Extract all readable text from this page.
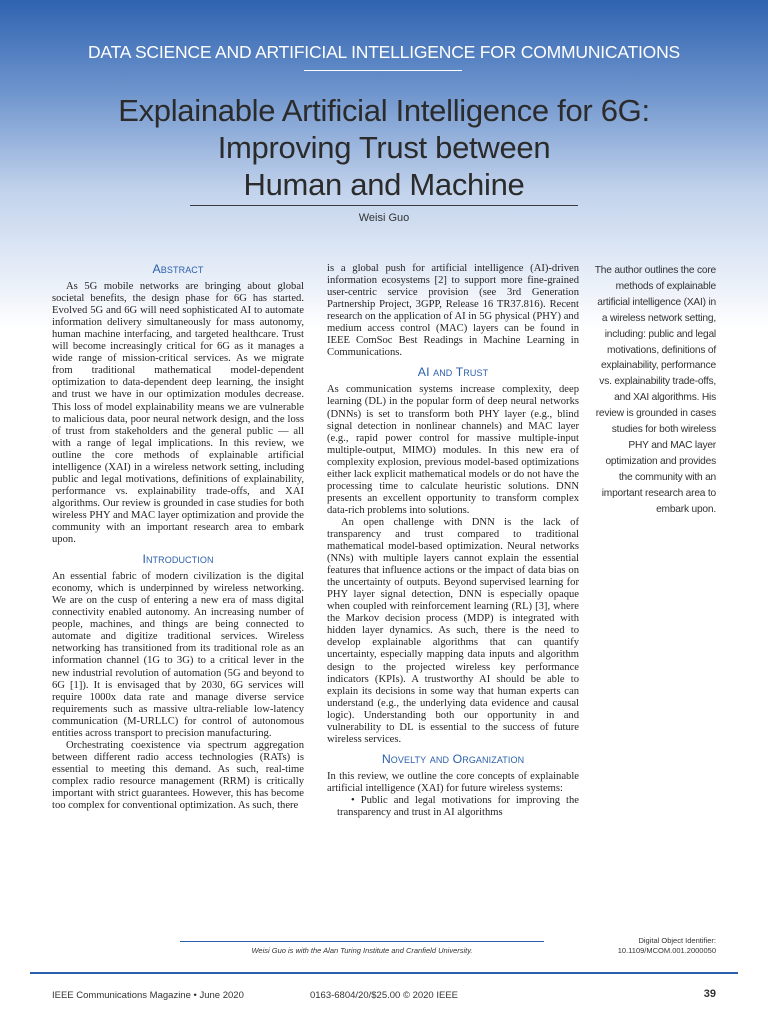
DATA SCIENCE AND ARTIFICIAL INTELLIGENCE FOR COMMUNICATIONS
Explainable Artificial Intelligence for 6G:
Improving Trust between
Human and Machine
Weisi Guo
Abstract

As 5G mobile networks are bringing about global societal benefits, the design phase for 6G has started. Evolved 5G and 6G will need sophisticated AI to automate information delivery simultaneously for mass autonomy, human machine interfacing, and targeted healthcare. Trust will become increasingly critical for 6G as it manages a wide range of mission-critical services. As we migrate from traditional mathematical model-dependent optimization to data-dependent deep learning, the insight and trust we have in our optimization modules decrease. This loss of model explainability means we are vulnerable to malicious data, poor neural network design, and the loss of trust from stakeholders and the general public — all with a range of legal implications. In this review, we outline the core methods of explainable artificial intelligence (XAI) in a wireless network setting, including public and legal motivations, definitions of explainability, performance vs. explainability trade-offs, and XAI algorithms. Our review is grounded in case studies for both wireless PHY and MAC layer optimization and provide the community with an important research area to embark upon.

Introduction

An essential fabric of modern civilization is the digital economy, which is underpinned by wireless networking. We are on the cusp of entering a new era of mass digital connectivity enabled autonomy. An increasing number of people, machines, and things are being connected to automate and digitize traditional services. Wireless networking has transitioned from its traditional role as an information channel (1G to 3G) to a critical lever in the new industrial revolution of automation (5G and beyond to 6G [1]). It is envisaged that by 2030, 6G services will require 1000x data rate and manage diverse service requirements such as massive ultra-reliable low-latency communication (M-URLLC) for control of autonomous entities across transport to precision manufacturing.

Orchestrating coexistence via spectrum aggregation between different radio access technologies (RATs) is essential to meeting this demand. As such, real-time complex radio resource management (RRM) is critically important with strict guarantees. However, this has become too complex for conventional optimization. As such, there

is a global push for artificial intelligence (AI)-driven information ecosystems [2] to support more fine-grained user-centric service provision (see 3rd Generation Partnership Project, 3GPP, Release 16 TR37.816). Recent research on the application of AI in 5G physical (PHY) and medium access control (MAC) layers can be found in IEEE ComSoc Best Readings in Machine Learning in Communications.

AI and Trust

As communication systems increase complexity, deep learning (DL) in the popular form of deep neural networks (DNNs) is set to transform both PHY layer (e.g., blind signal detection in nonlinear channels) and MAC layer (e.g., rapid power control for massive multiple-input multiple-output, MIMO) modules. In this new era of complexity explosion, previous model-based optimizations either lack explicit mathematical models or do not have the processing time to calculate heuristic solutions. DNN presents an excellent opportunity to transform complex data-rich problems into solutions.

An open challenge with DNN is the lack of transparency and trust compared to traditional mathematical model-based optimization. Neural networks (NNs) with multiple layers cannot explain the essential features that influence actions or the impact of data bias on the uncertainty of outputs. Beyond supervised learning for PHY layer signal detection, DNN is especially opaque when coupled with reinforcement learning (RL) [3], where the Markov decision process (MDP) is integrated with hidden layer dynamics. As such, there is the need to develop explainable algorithms that can quantify uncertainty, especially mapping data inputs and algorithm design to the projected wireless key performance indicators (KPIs). A trustworthy AI should be able to explain its decisions in some way that human experts can understand (e.g., the underlying data evidence and causal logic). Understanding both our opportunity in and vulnerability to DL is essential to the success of future wireless services.

Novelty and Organization

In this review, we outline the core concepts of explainable artificial intelligence (XAI) for future wireless systems:

• Public and legal motivations for improving the transparency and trust in AI algorithms

The author outlines the core methods of explainable artificial intelligence (XAI) in a wireless network setting, including: public and legal motivations, definitions of explainability, performance vs. explainability trade-offs, and XAI algorithms. His review is grounded in cases studies for both wireless PHY and MAC layer optimization and provides the community with an important research area to embark upon.
Weisi Guo is with the Alan Turing Institute and Cranfield University.
Digital Object Identifier:
10.1109/MCOM.001.2000050
IEEE Communications Magazine • June 2020	0163-6804/20/$25.00 © 2020 IEEE	39
